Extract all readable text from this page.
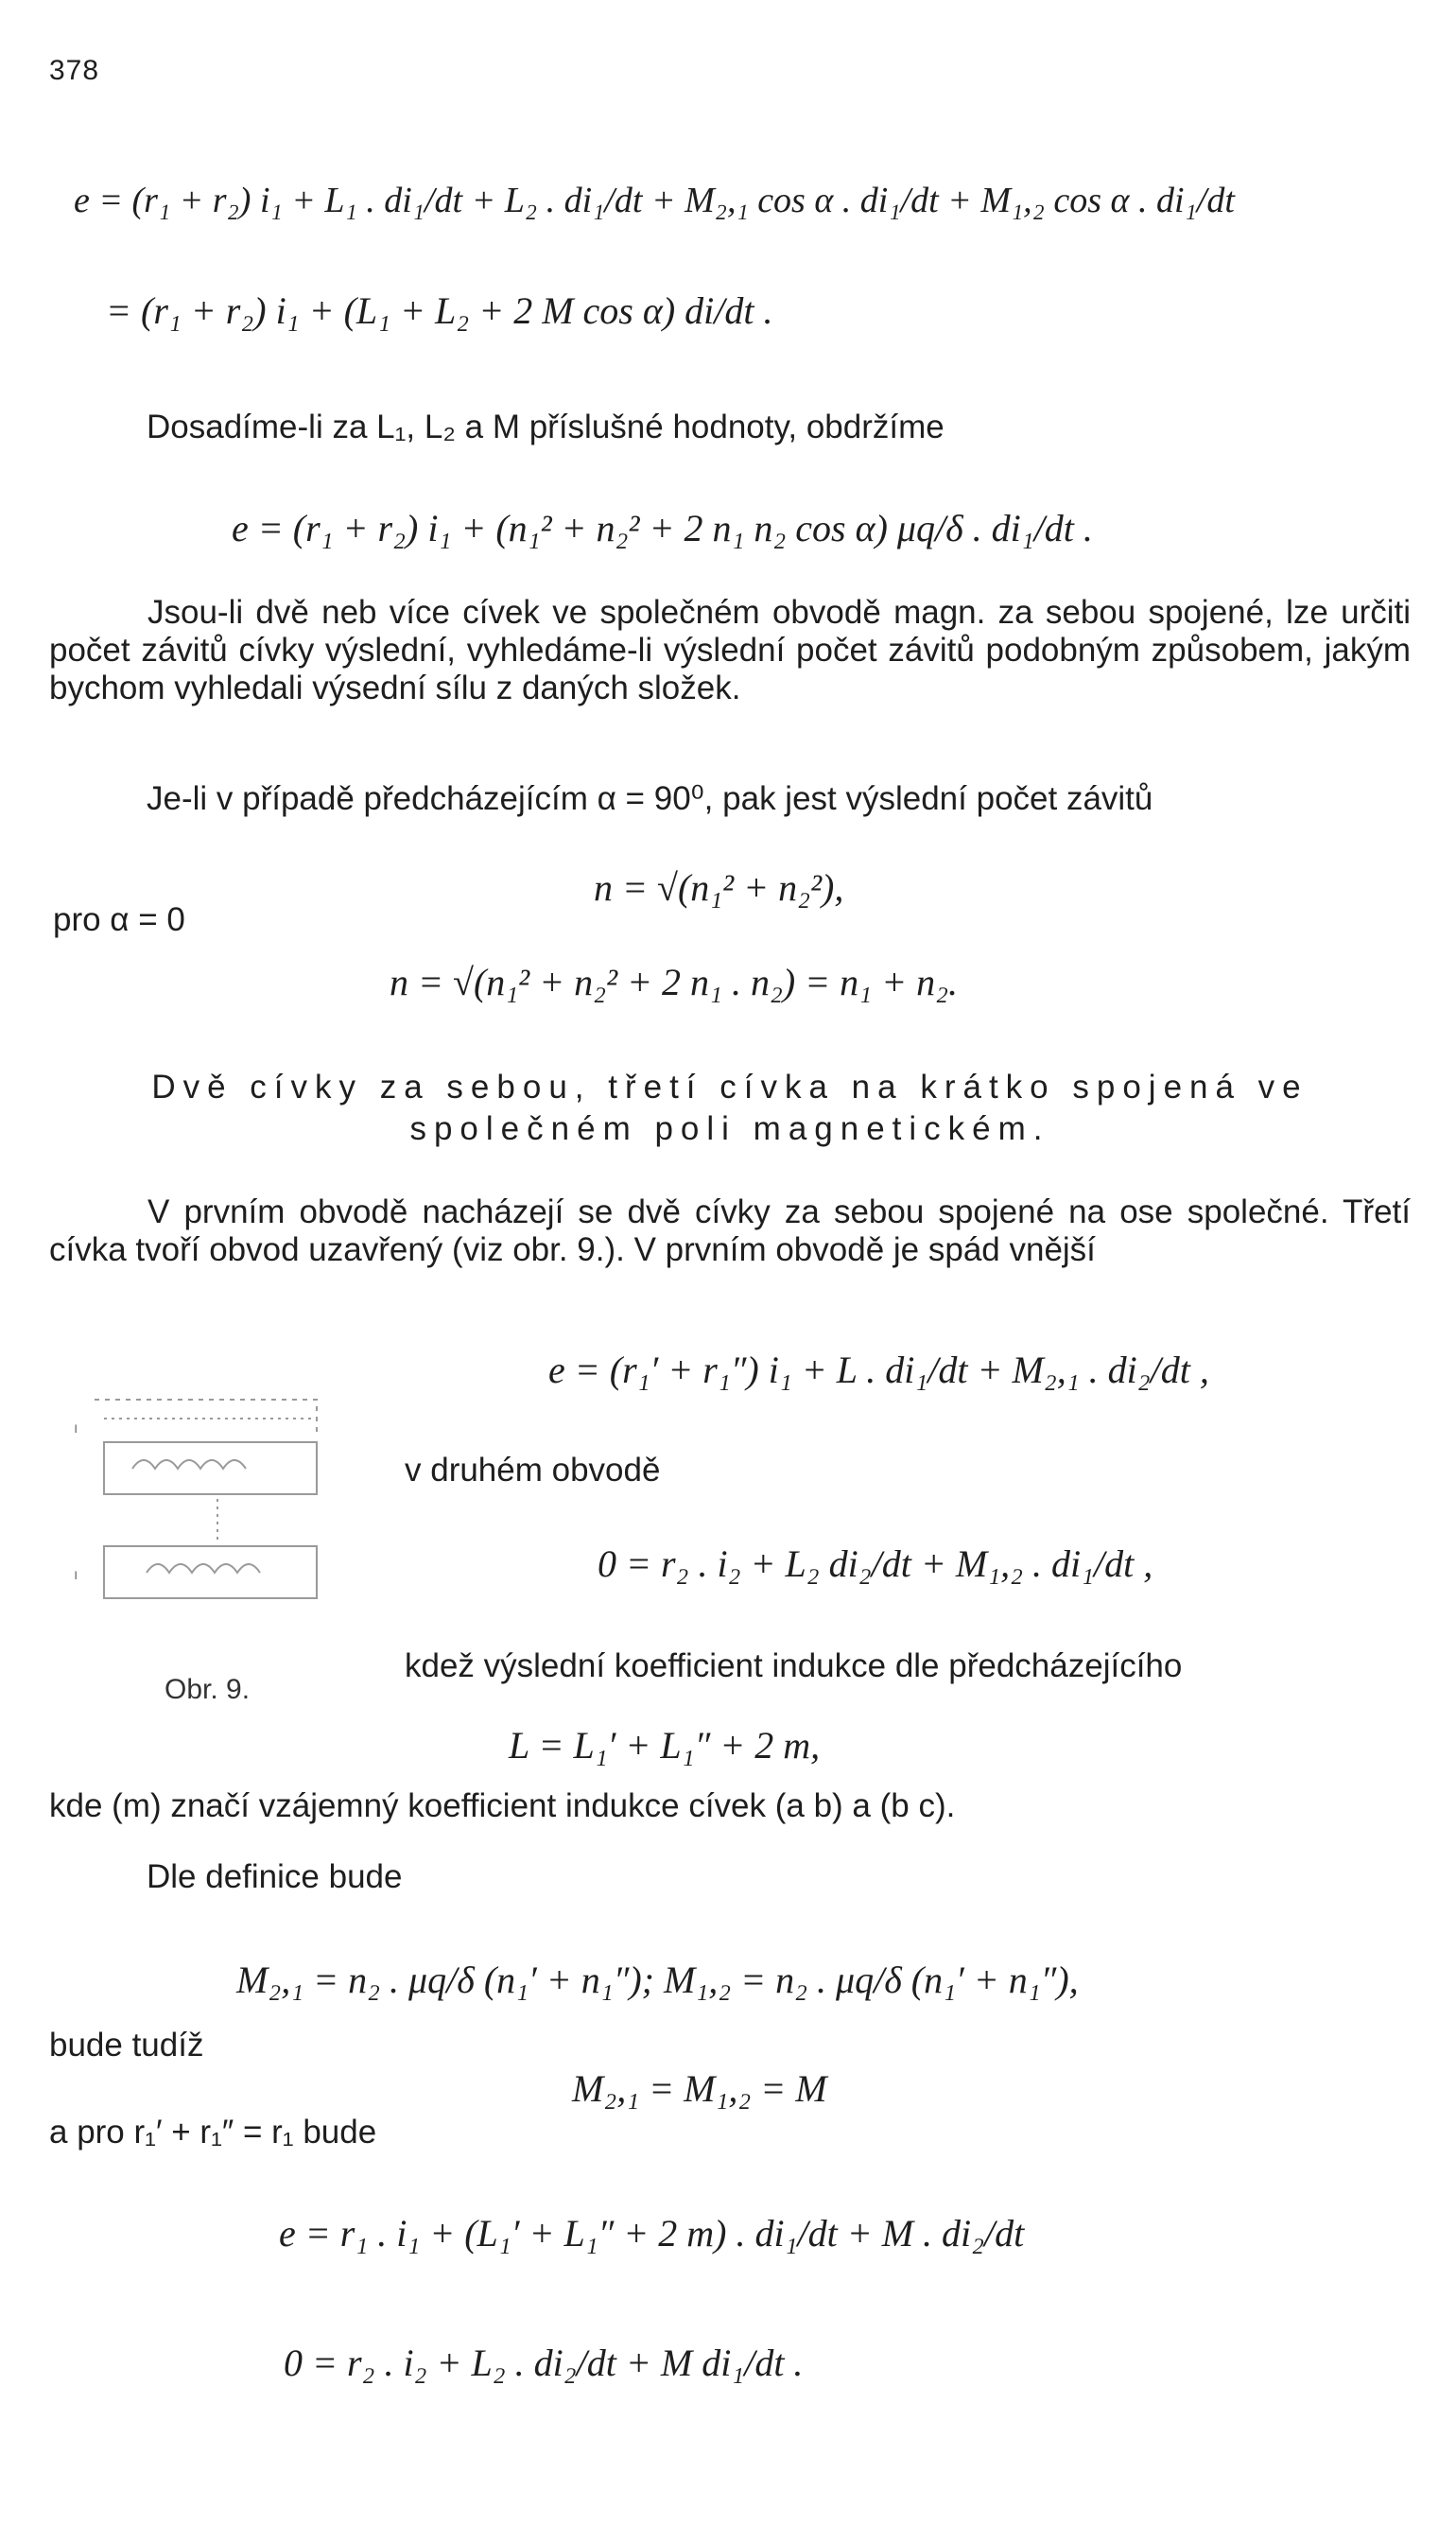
378
e = (r₁ + r₂) i₁ + L₁ . di₁/dt + L₂ . di₁/dt + M₂,₁ cos α . di₁/dt + M₁,₂ cos α . di₁/dt
= (r₁ + r₂) i₁ + (L₁ + L₂ + 2 M cos α) di/dt .
Dosadíme-li za L₁, L₂ a M příslušné hodnoty, obdržíme
e = (r₁ + r₂) i₁ + (n₁² + n₂² + 2 n₁ n₂ cos α) μq/δ . di₁/dt .
Jsou-li dvě neb více cívek ve společném obvodě magn. za sebou spojené, lze určiti počet závitů cívky výslední, vyhledáme-li výslední počet závitů podobným způsobem, jakým bychom vyhledali výsední sílu z daných složek.
Je-li v případě předcházejícím α = 90⁰, pak jest výslední počet závitů
n = √(n₁² + n₂²),
pro α = 0
n = √(n₁² + n₂² + 2 n₁ . n₂) = n₁ + n₂.
Dvě cívky za sebou, třetí cívka na krátko spojená ve společném poli magnetickém.
V prvním obvodě nacházejí se dvě cívky za sebou spojené na ose společné. Třetí cívka tvoří obvod uzavřený (viz obr. 9.). V prvním obvodě je spád vnější
e = (r₁′ + r₁″) i₁ + L . di₁/dt + M₂,₁ . di₂/dt ,
ı
ı
v druhém obvodě
0 = r₂ . i₂ + L₂ di₂/dt + M₁,₂ . di₁/dt ,
Obr. 9.
kdež výslední koefficient indukce dle předcházejícího
L = L₁′ + L₁″ + 2 m,
kde (m) značí vzájemný koefficient indukce cívek (a b) a (b c).
Dle definice bude
M₂,₁ = n₂ . μq/δ (n₁′ + n₁″); M₁,₂ = n₂ . μq/δ (n₁′ + n₁″),
bude tudíž
M₂,₁ = M₁,₂ = M
a pro r₁′ + r₁″ = r₁ bude
e = r₁ . i₁ + (L₁′ + L₁″ + 2 m) . di₁/dt + M . di₂/dt
0 = r₂ . i₂ + L₂ . di₂/dt + M di₁/dt .
